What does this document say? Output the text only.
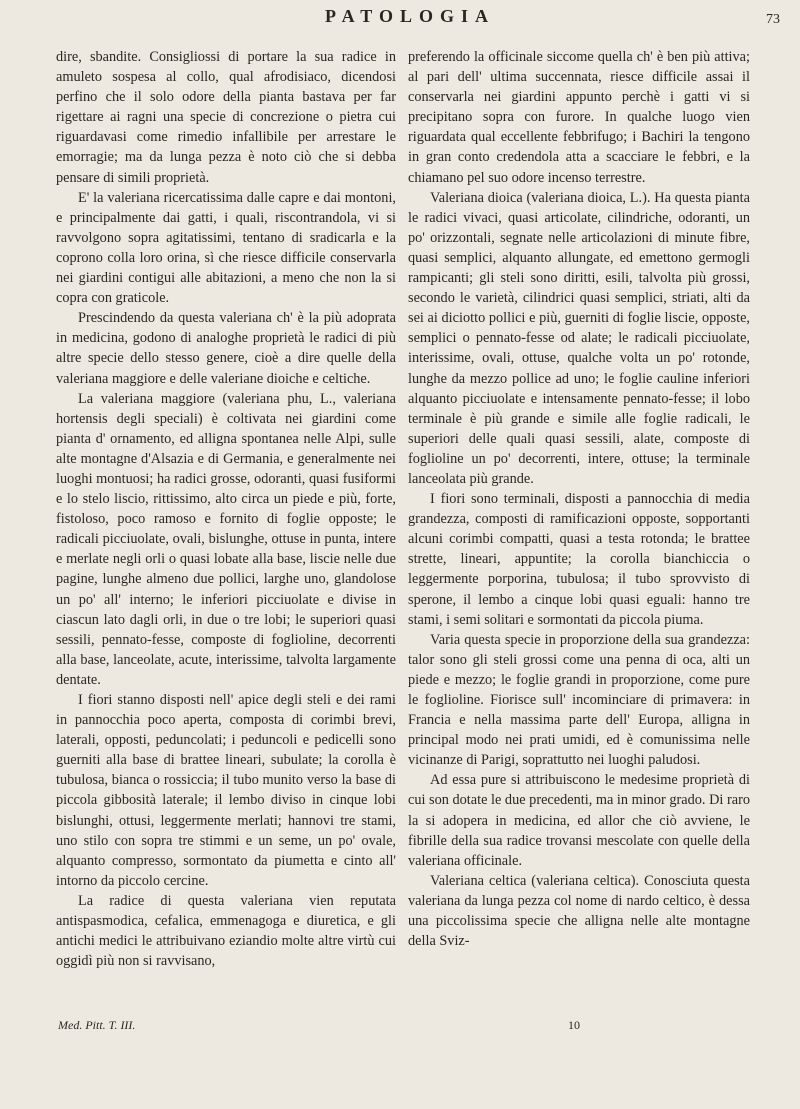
PATOLOGIA	73

dire, sbandite. Consigliossi di portare la sua radice in amuleto sospesa al collo, qual afrodisiaco, dicendosi perfino che il solo odore della pianta bastava per far rigettare ai ragni una specie di concrezione o pietra cui riguardavasi come rimedio infallibile per arrestare le emorragie; ma da lunga pezza è noto ciò che si debba pensare di simili proprietà.

E' la valeriana ricercatissima dalle capre e dai montoni, e principalmente dai gatti, i quali, riscontrandola, vi si ravvolgono sopra agitatissimi, tentano di sradicarla e la coprono colla loro orina, sì che riesce difficile conservarla nei giardini contigui alle abitazioni, a meno che non la si copra con graticole.

Prescindendo da questa valeriana ch' è la più adoprata in medicina, godono di analoghe proprietà le radici di più altre specie dello stesso genere, cioè a dire quelle della valeriana maggiore e delle valeriane dioiche e celtiche.

La valeriana maggiore (valeriana phu, L., valeriana hortensis degli speciali) è coltivata nei giardini come pianta d' ornamento, ed alligna spontanea nelle Alpi, sulle alte montagne d'Alsazia e di Germania, e generalmente nei luoghi montuosi; ha radici grosse, odoranti, quasi fusiformi e lo stelo liscio, rittissimo, alto circa un piede e più, forte, fistoloso, poco ramoso e fornito di foglie opposte; le radicali picciuolate, ovali, bislunghe, ottuse in punta, intere e merlate negli orli o quasi lobate alla base, liscie nelle due pagine, lunghe almeno due pollici, larghe uno, glandolose un po' all' interno; le inferiori picciuolate e divise in ciascun lato dagli orli, in due o tre lobi; le superiori quasi sessili, pennato-fesse, composte di foglioline, decorrenti alla base, lanceolate, acute, interissime, talvolta largamente dentate.

I fiori stanno disposti nell' apice degli steli e dei rami in pannocchia poco aperta, composta di corimbi brevi, laterali, opposti, peduncolati; i peduncoli e pedicelli sono guerniti alla base di brattee lineari, subulate; la corolla è tubulosa, bianca o rossiccia; il tubo munito verso la base di piccola gibbosità laterale; il lembo diviso in cinque lobi bislunghi, ottusi, leggermente merlati; hannovi tre stami, uno stilo con sopra tre stimmi e un seme, un po' ovale, alquanto compresso, sormontato da piumetta e cinto all' intorno da piccolo cercine.

La radice di questa valeriana vien reputata antispasmodica, cefalica, emmenagoga e diuretica, e gli antichi medici le attribuivano eziandio molte altre virtù cui oggidì più non si ravvisano,

preferendo la officinale siccome quella ch' è ben più attiva; al pari dell' ultima succennata, riesce difficile assai il conservarla nei giardini appunto perchè i gatti vi si precipitano sopra con furore. In qualche luogo vien riguardata qual eccellente febbrifugo; i Bachiri la tengono in gran conto credendola atta a scacciare le febbri, e la chiamano pel suo odore incenso terrestre.

Valeriana dioica (valeriana dioica, L.). Ha questa pianta le radici vivaci, quasi articolate, cilindriche, odoranti, un po' orizzontali, segnate nelle articolazioni di minute fibre, quasi semplici, alquanto allungate, ed emettono germogli rampicanti; gli steli sono diritti, esili, talvolta più grossi, secondo le varietà, cilindrici quasi semplici, striati, alti da sei ai diciotto pollici e più, guerniti di foglie liscie, opposte, semplici o pennato-fesse od alate; le radicali picciuolate, interissime, ovali, ottuse, qualche volta un po' rotonde, lunghe da mezzo pollice ad uno; le foglie cauline inferiori alquanto picciuolate e intensamente pennato-fesse; il lobo terminale è più grande e simile alle foglie radicali, le superiori delle quali quasi sessili, alate, composte di foglioline un po' decorrenti, intere, ottuse; la terminale lanceolata più grande.

I fiori sono terminali, disposti a pannocchia di media grandezza, composti di ramificazioni opposte, sopportanti alcuni corimbi compatti, quasi a testa rotonda; le brattee strette, lineari, appuntite; la corolla bianchiccia o leggermente porporina, tubulosa; il tubo sprovvisto di sperone, il lembo a cinque lobi quasi eguali: hanno tre stami, i semi solitari e sormontati da piccola piuma.

Varia questa specie in proporzione della sua grandezza: talor sono gli steli grossi come una penna di oca, alti un piede e mezzo; le foglie grandi in proporzione, come pure le foglioline. Fiorisce sull' incominciare di primavera: in Francia e nella massima parte dell' Europa, alligna in principal modo nei prati umidi, ed è comunissima nelle vicinanze di Parigi, soprattutto nei luoghi paludosi.

Ad essa pure si attribuiscono le medesime proprietà di cui son dotate le due precedenti, ma in minor grado. Di raro la si adopera in medicina, ed allor che ciò avviene, le fibrille della sua radice trovansi mescolate con quelle della valeriana officinale.

Valeriana celtica (valeriana celtica). Conosciuta questa valeriana da lunga pezza col nome di nardo celtico, è dessa una piccolissima specie che alligna nelle alte montagne della Sviz-

Med. Pitt. T. III.	10
